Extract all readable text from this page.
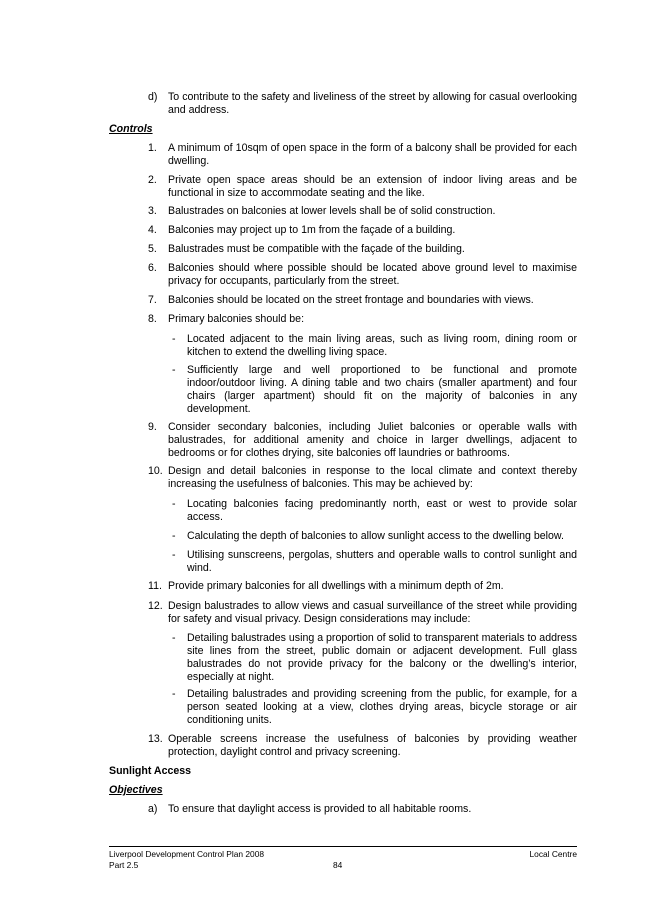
d) To contribute to the safety and liveliness of the street by allowing for casual overlooking and address.

Controls

1. A minimum of 10sqm of open space in the form of a balcony shall be provided for each dwelling.

2. Private open space areas should be an extension of indoor living areas and be functional in size to accommodate seating and the like.

3. Balustrades on balconies at lower levels shall be of solid construction.

4. Balconies may project up to 1m from the façade of a building.

5. Balustrades must be compatible with the façade of the building.

6. Balconies should where possible should be located above ground level to maximise privacy for occupants, particularly from the street.

7. Balconies should be located on the street frontage and boundaries with views.

8. Primary balconies should be:

- Located adjacent to the main living areas, such as living room, dining room or kitchen to extend the dwelling living space.

- Sufficiently large and well proportioned to be functional and promote indoor/outdoor living. A dining table and two chairs (smaller apartment) and four chairs (larger apartment) should fit on the majority of balconies in any development.

9. Consider secondary balconies, including Juliet balconies or operable walls with balustrades, for additional amenity and choice in larger dwellings, adjacent to bedrooms or for clothes drying, site balconies off laundries or bathrooms.

10. Design and detail balconies in response to the local climate and context thereby increasing the usefulness of balconies. This may be achieved by:

- Locating balconies facing predominantly north, east or west to provide solar access.

- Calculating the depth of balconies to allow sunlight access to the dwelling below.

- Utilising sunscreens, pergolas, shutters and operable walls to control sunlight and wind.

11. Provide primary balconies for all dwellings with a minimum depth of 2m.

12. Design balustrades to allow views and casual surveillance of the street while providing for safety and visual privacy. Design considerations may include:

- Detailing balustrades using a proportion of solid to transparent materials to address site lines from the street, public domain or adjacent development. Full glass balustrades do not provide privacy for the balcony or the dwelling’s interior, especially at night.

- Detailing balustrades and providing screening from the public, for example, for a person seated looking at a view, clothes drying areas, bicycle storage or air conditioning units.

13. Operable screens increase the usefulness of balconies by providing weather protection, daylight control and privacy screening.

Sunlight Access

Objectives

a) To ensure that daylight access is provided to all habitable rooms.

Liverpool Development Control Plan 2008

Part 2.5	84

Local Centre
